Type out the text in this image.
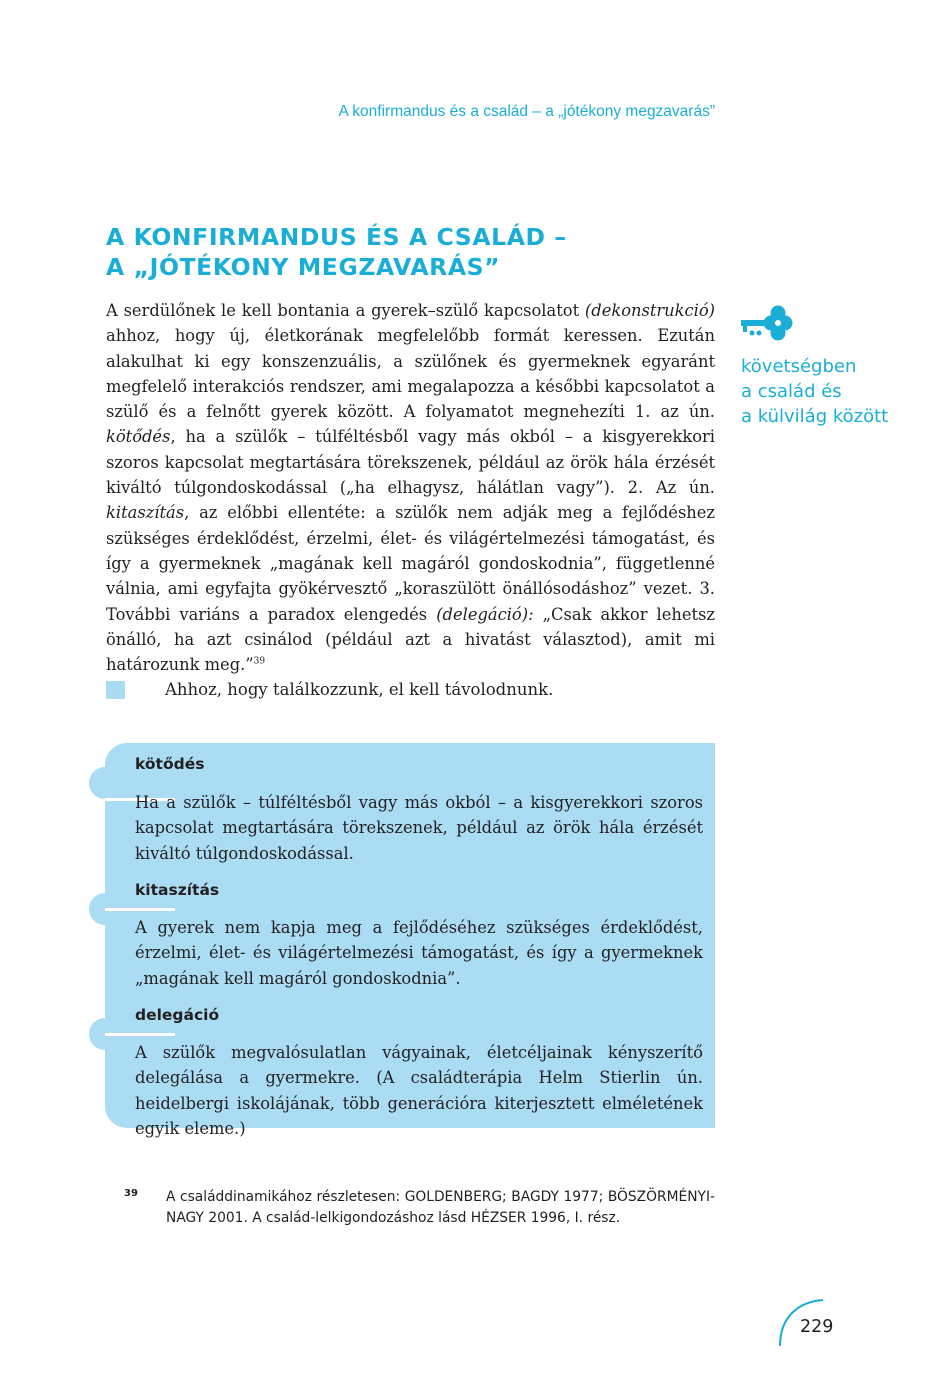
A konfirmandus és a család – a „jótékony megzavarás”
A KONFIRMANDUS ÉS A CSALÁD –
A „JÓTÉKONY MEGZAVARÁS”

A serdülőnek le kell bontania a gyerek–szülő kapcsolatot (dekonstrukció) ahhoz, hogy új, életkorának megfelelőbb formát keressen. Ezután alakulhat ki egy konszenzuális, a szülőnek és gyermeknek egyaránt megfelelő interakciós rendszer, ami megalapozza a későbbi kapcsolatot a szülő és a felnőtt gyerek között. A folyamatot megnehezíti 1. az ún. kötődés, ha a szülők – túlféltésből vagy más okból – a kisgyerekkori szoros kapcsolat megtartására törekszenek, például az örök hála érzését kiváltó túlgondoskodással („ha elhagysz, hálátlan vagy”). 2. Az ún. kitaszítás, az előbbi ellentéte: a szülők nem adják meg a fejlődéshez szükséges érdeklődést, érzelmi, élet- és világértelmezési támogatást, és így a gyermeknek „magának kell magáról gondoskodnia”, függetlenné válnia, ami egyfajta gyökérvesztő „koraszülött önállósodáshoz” vezet. 3. További variáns a paradox elengedés (delegáció): „Csak akkor lehetsz önálló, ha azt csinálod (például azt a hivatást választod), amit mi határozunk meg.”$^{39}$

Ahhoz, hogy találkozzunk, el kell távolodnunk.
követségben
a család és
a külvilág között
kötődés
Ha a szülők – túlféltésből vagy más okból – a kisgyerekkori szoros kapcsolat megtartására törekszenek, például az örök hála érzését kiváltó túlgondoskodással.
kitaszítás
A gyerek nem kapja meg a fejlődéséhez szükséges érdeklődést, érzelmi, élet- és világértelmezési támogatást, és így a gyermeknek „magának kell magáról gondoskodnia”.
delegáció
A szülők megvalósulatlan vágyainak, életcéljainak kényszerítő delegálása a gyermekre. (A családterápia Helm Stierlin ún. heidelbergi iskolájának, több generációra kiterjesztett elméletének egyik eleme.)
39 A családdinamikához részletesen: GOLDENBERG; BAGDY 1977; BÖSZÖRMÉNYI-NAGY 2001. A család-lelkigondozáshoz lásd HÉZSER 1996, I. rész.
229
